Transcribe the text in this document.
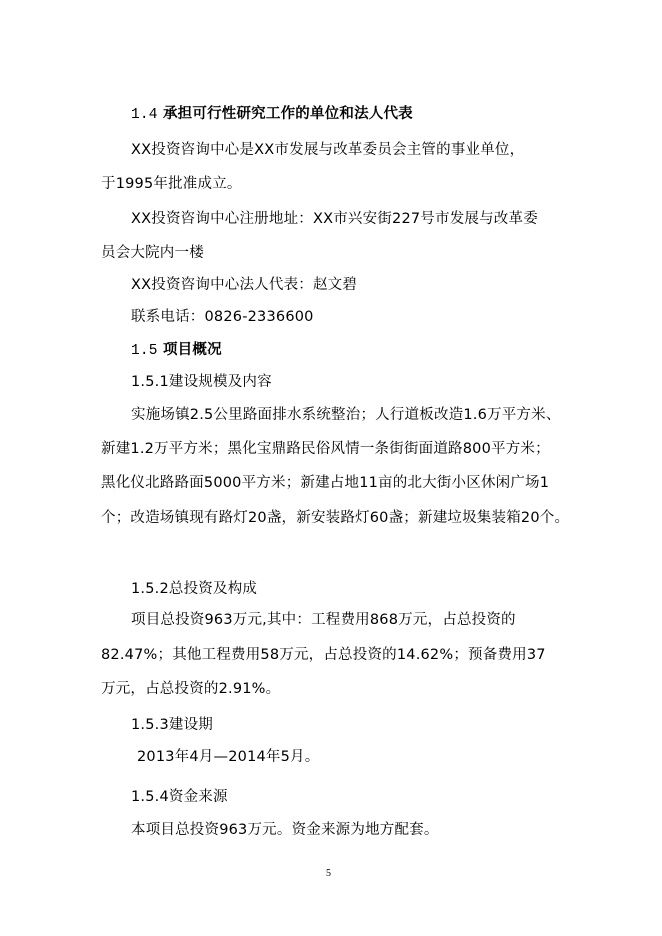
1.4 承担可行性研究工作的单位和法人代表
XX投资咨询中心是XX市发展与改革委员会主管的事业单位，
于1995年批准成立。
XX投资咨询中心注册地址：XX市兴安街227号市发展与改革委
员会大院内一楼
XX投资咨询中心法人代表：赵文碧
联系电话：0826-2336600
1.5 项目概况
1.5.1建设规模及内容
实施场镇2.5公里路面排水系统整治；人行道板改造1.6万平方米、
新建1.2万平方米；黑化宝鼎路民俗风情一条街街面道路800平方米；
黑化仪北路路面5000平方米；新建占地11亩的北大街小区休闲广场1
个；改造场镇现有路灯20盏，新安装路灯60盏；新建垃圾集装箱20个。
1.5.2总投资及构成
项目总投资963万元,其中：工程费用868万元，占总投资的
82.47%；其他工程费用58万元，占总投资的14.62%；预备费用37
万元，占总投资的2.91%。
1.5.3建设期
2013年4月—2014年5月。
1.5.4资金来源
本项目总投资963万元。资金来源为地方配套。
5
